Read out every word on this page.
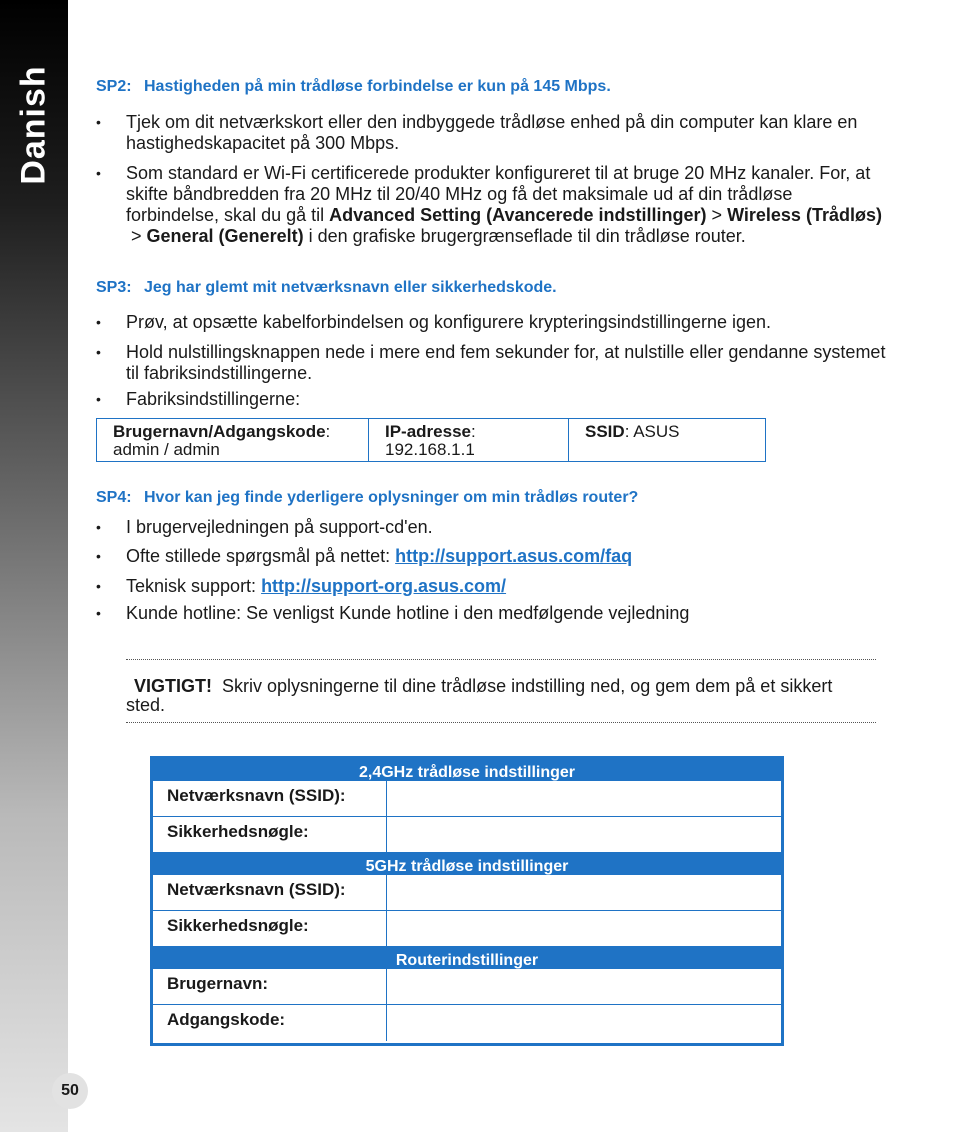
Danish
50
SP2: Hastigheden på min trådløse forbindelse er kun på 145 Mbps.
• Tjek om dit netværkskort eller den indbyggede trådløse enhed på din computer kan klare en hastighedskapacitet på 300 Mbps.
• Som standard er Wi-Fi certificerede produkter konfigureret til at bruge 20 MHz kanaler. For, at skifte båndbredden fra 20 MHz til 20/40 MHz og få det maksimale ud af din trådløse forbindelse, skal du gå til Advanced Setting (Avancerede indstillinger) > Wireless (Trådløs) > General (Generelt) i den grafiske brugergrænseflade til din trådløse router.
SP3: Jeg har glemt mit netværksnavn eller sikkerhedskode.
• Prøv, at opsætte kabelforbindelsen og konfigurere krypteringsindstillingerne igen.
• Hold nulstillingsknappen nede i mere end fem sekunder for, at nulstille eller gendanne systemet til fabriksindstillingerne.
• Fabriksindstillingerne:
Brugernavn/Adgangskode:
admin / admin
IP-adresse:
192.168.1.1
SSID: ASUS
SP4: Hvor kan jeg finde yderligere oplysninger om min trådløs router?
• I brugervejledningen på support-cd'en.
• Ofte stillede spørgsmål på nettet: http://support.asus.com/faq
• Teknisk support: http://support-org.asus.com/
• Kunde hotline: Se venligst Kunde hotline i den medfølgende vejledning
VIGTIGT! Skriv oplysningerne til dine trådløse indstilling ned, og gem dem på et sikkert sted.
2,4GHz trådløse indstillinger
Netværksnavn (SSID):
Sikkerhedsnøgle:
5GHz trådløse indstillinger
Netværksnavn (SSID):
Sikkerhedsnøgle:
Routerindstillinger
Brugernavn:
Adgangskode:
